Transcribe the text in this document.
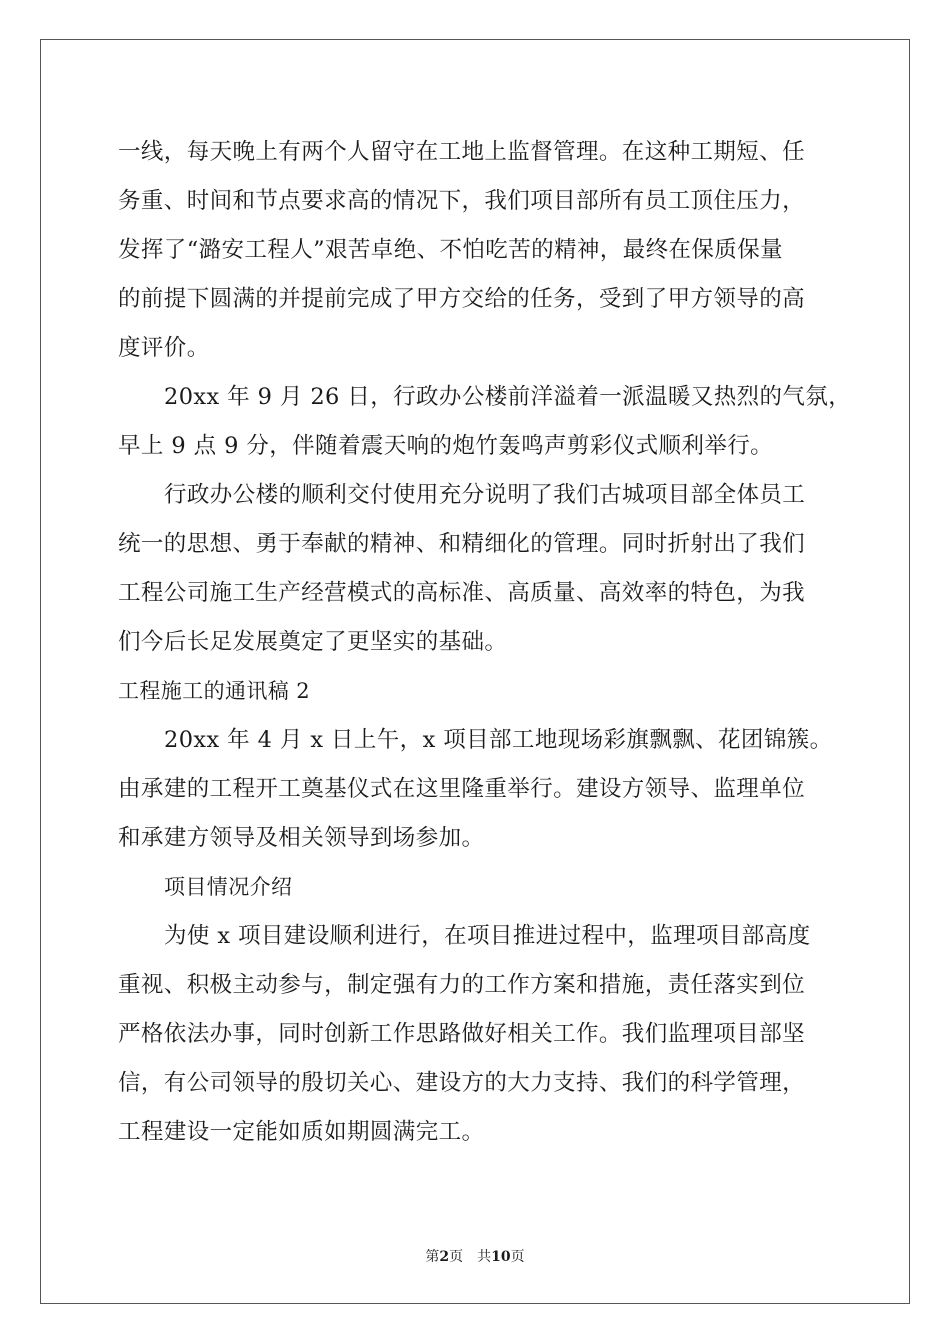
一线，每天晚上有两个人留守在工地上监督管理。在这种工期短、任
务重、时间和节点要求高的情况下，我们项目部所有员工顶住压力，
发挥了“潞安工程人”艰苦卓绝、不怕吃苦的精神，最终在保质保量
的前提下圆满的并提前完成了甲方交给的任务，受到了甲方领导的高
度评价。
20xx 年 9 月 26 日，行政办公楼前洋溢着一派温暖又热烈的气氛，
早上 9 点 9 分，伴随着震天响的炮竹轰鸣声剪彩仪式顺利举行。
行政办公楼的顺利交付使用充分说明了我们古城项目部全体员工
统一的思想、勇于奉献的精神、和精细化的管理。同时折射出了我们
工程公司施工生产经营模式的高标准、高质量、高效率的特色，为我
们今后长足发展奠定了更坚实的基础。
工程施工的通讯稿 2
20xx 年 4 月 x 日上午，x 项目部工地现场彩旗飘飘、花团锦簇。
由承建的工程开工奠基仪式在这里隆重举行。建设方领导、监理单位
和承建方领导及相关领导到场参加。
项目情况介绍
为使 x 项目建设顺利进行，在项目推进过程中，监理项目部高度
重视、积极主动参与，制定强有力的工作方案和措施，责任落实到位
严格依法办事，同时创新工作思路做好相关工作。我们监理项目部坚
信，有公司领导的殷切关心、建设方的大力支持、我们的科学管理，
工程建设一定能如质如期圆满完工。
第2页 共10页
